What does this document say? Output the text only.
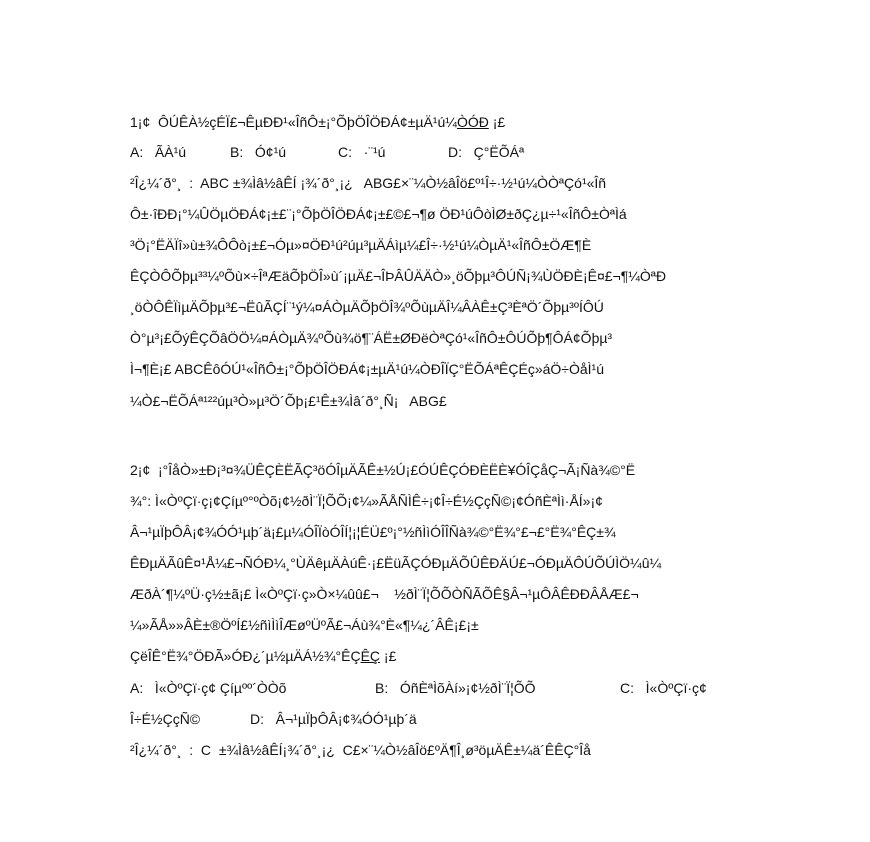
1¡¢  ÔÚÊÀ½çÉÏ£¬ÊµÐÐ¹«ÎñÔ±¡°ÕþÖÎÖÐÁ¢±µÄ¹ú¼ÒÓÐ ¡£
A: ÃÀ¹ú	B: Ó¢¹ú	C: ·¨¹ú	D: Ç°ËÕÁª
²Î¿¼´ð°¸  :  ABC ±¾Ìâ½âÊÍ ¡¾´ð°¸¡¿   ABG£×¨¼Ò½âÎö£º¹Î÷·½¹ú¼ÒÒªÇó¹«Îñ
Ô±·îÐÐ¡°¼ÛÖµÖÐÁ¢¡±£¨¡°ÕþÖÎÖÐÁ¢¡±£©£¬¶ø ÖÐ¹úÔòÌØ±ðÇ¿µ÷¹«ÎñÔ±ÒªÌá
³Ö¡°ËÄÏî»ù±¾ÔÔò¡±£¬Óµ»¤ÖÐ¹ú²úµ³µÄÁìµ¼£Î÷·½¹ú¼ÒµÄ¹«ÎñÔ±ÖÆ¶È
ÊÇÒÔÕþµ³³¼ºÕù×÷ÎªÆäÕþÖÎ»ù´¡µÄ£¬ÎÞÂÛÄÄÒ»¸öÕþµ³ÔÚÑ¡¾ÙÖÐÈ¡Ê¤£¬¶¼ÒªÐ
¸öÒÔÊÏìµÄÕþµ³£¬ËûÃÇÍ¨¹ý¼¤ÁÒµÄÕþÖÎ¾ºÕùµÄÎ¼ÂÀÊ±Ç³ÈªÖ´Õþµ³ºÍÔÚ
Ò°µ³¡£ÕýÊÇÕâÖÖ¼¤ÁÒµÄ¾ºÕù¾ö¶¨ÁË±ØÐëÒªÇó¹«ÎñÔ±ÔÚÕþ¶ÔÁ¢Õþµ³
Ì¬¶È¡£ ABCÊôÓÚ¹«ÎñÔ±¡°ÕþÖÎÖÐÁ¢¡±µÄ¹ú¼ÒÐÎÏÇ°ËÕÁªÊÇÉç»áÖ÷ÒåÌ¹ú
¼Ò£¬ËÕÁª¹²²úµ³Ò»µ³Ö´Õþ¡£¹Ê±¾Ìâ´ð°¸Ñ¡   ABG£
2¡¢  ¡°ÎåÒ»±Ð¡³¤¾ÜÊÇÈËÃÇ³öÓÎµÄÃÊ±½Ú¡£ÓÚÊÇÓÐÈËÈ¥ÓÎÇåÇ¬Ã¡Ñà¾©°Ë
¾°: Ì«ÒºÇï·ç¡¢Çíµº°ºÒõ¡¢½ðÌ¨Ï¦ÕÕ¡¢¼»ÃÅÑÌÊ÷¡¢Î÷É½ÇçÑ©¡¢ÓñÈªÌì·ÅÍ»¡¢
Â¬¹µÏþÔÂ¡¢¾ÓÓ¹µþ´ä¡£µ¼ÓÎÏòÓÎÍ¦¡¦ÉÜ£º¡°½ñÌìÓÎÎÑà¾©°Ë¾°£¬£°Ë¾°ÊÇ±¾
ÊÐµÄÃûÊ¤¹Å¼£¬ÑÓÐ¼¸°ÙÄêµÄÀúÊ·¡£ËüÃÇÓÐµÄÕÛÊÐÄÚ£¬ÓÐµÄÔÚÕÚÌÖ¼û¼
ÆðÀ´¶¼ºÜ·ç½±ã¡£ Ì«ÒºÇï·ç»Ò×¼ûû£¬    ½ðÌ¨Ï¦ÕÕÒÑÃÕÊ§Â¬¹µÔÂÊÐÐÂÅÆ£¬
¼»ÃÅ»»ÂÈ±®ÖºÍ£½ñìÌìÎÆøºÜºÃ£¬Áù¾°È«¶¼¿´ÂÊ¡£¡±
ÇëÎÊ°Ë¾°ÖÐÃ»ÓÐ¿´µ½µÄÁ½¾°ÊÇÊÇ ¡£
A: Ì«ÒºÇï·ç¢ Çíµºº´ÒÒõ	B: ÓñÈªÌõÀí»¡¢½ðÌ¨Ï¦ÕÕ	C: Ì«ÒºÇï·ç¢
Î÷É½ÇçÑ©	D: Â¬¹µÏþÔÂ¡¢¾ÓÓ¹µþ´ä
²Î¿¼´ð°¸  :  C  ±¾Ìâ½âÊÍ¡¾´ð°¸¡¿  C£×¨¼Ò½âÎö£ºÄ¶Î¸ø³öµÄÊ±¼ä´ÊÊÇ°Îå
